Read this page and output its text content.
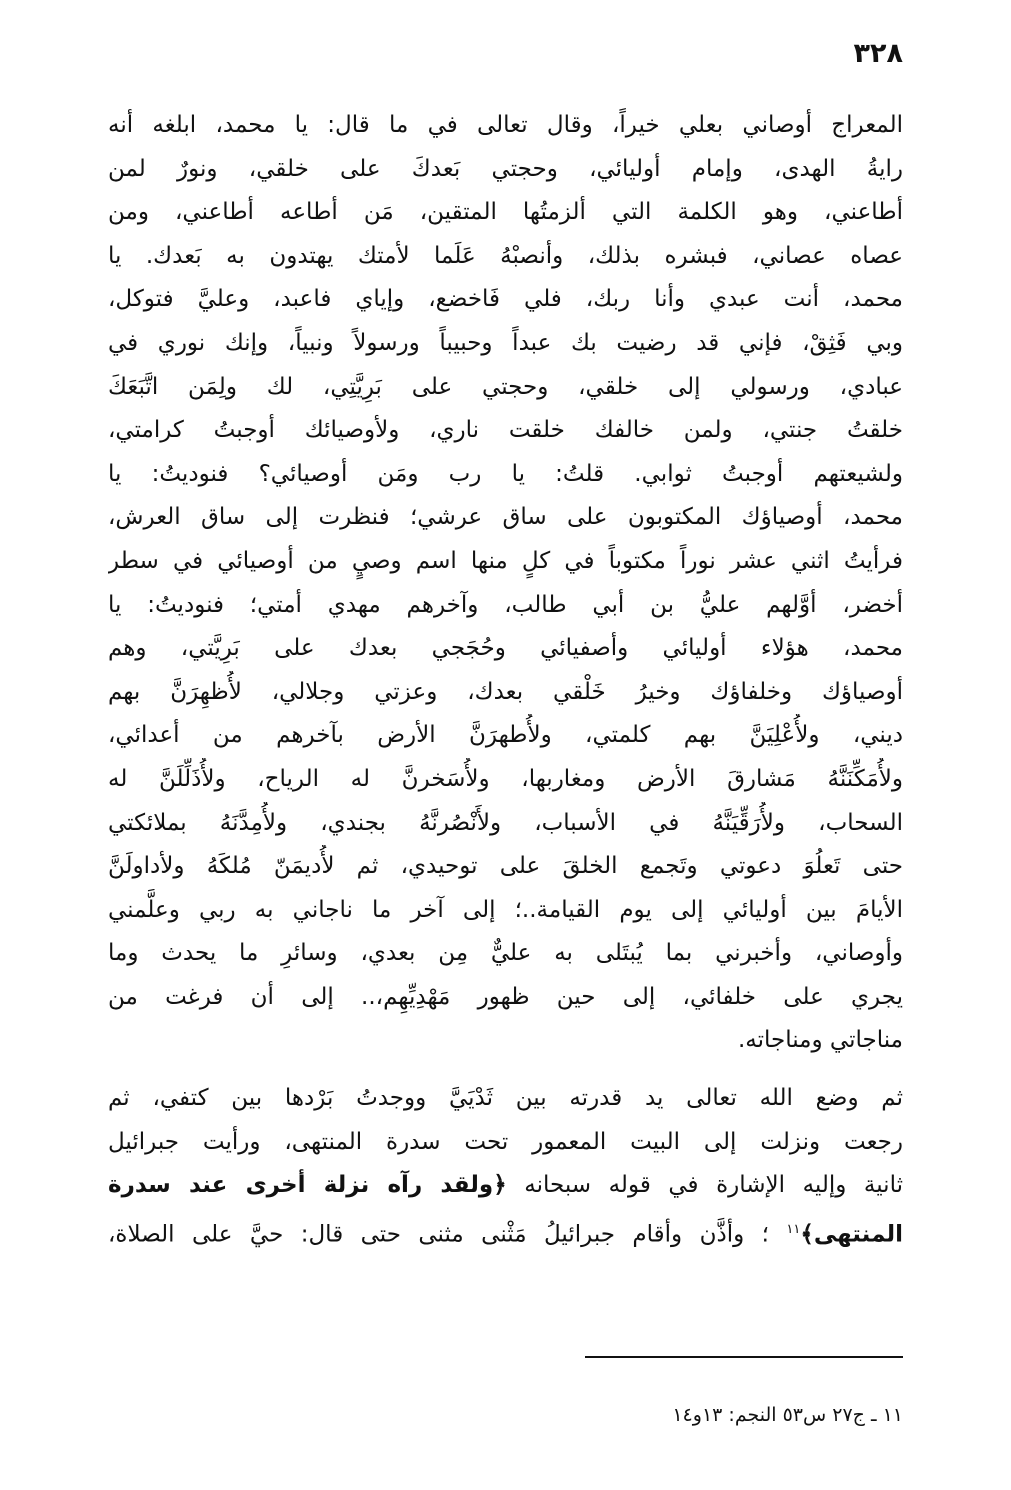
٣٢٨
المعراج أوصاني بعلي خيراً، وقال تعالى في ما قال: يا محمد، ابلغه أنه
رايةُ الهدى، وإمام أوليائي، وحجتي بَعدكَ على خلقي، ونورٌ لمن
أطاعني، وهو الكلمة التي ألزمتُها المتقين، مَن أطاعه أطاعني، ومن
عصاه عصاني، فبشره بذلك، وأنصبْهُ عَلَما لأمتك يهتدون به بَعدك. يا
محمد، أنت عبدي وأنا ربك، فلي فَاخضع، وإياي فاعبد، وعليَّ فتوكل،
وبي فَثِقْ، فإني قد رضيت بك عبداً وحبيباً ورسولاً ونبياً، وإنك نوري في
عبادي، ورسولي إلى خلقي، وحجتي على بَرِيَّتِي، لك ولِمَن اتَّبَعَكَ
خلقتُ جنتي، ولمن خالفك خلقت ناري، ولأوصيائك أوجبتُ كرامتي،
ولشيعتهم أوجبتُ ثوابي. قلتُ: يا رب ومَن أوصيائي؟ فنوديتُ: يا
محمد، أوصياؤك المكتوبون على ساق عرشي؛ فنظرت إلى ساق العرش،
فرأيتُ اثني عشر نوراً مكتوباً في كلٍ منها اسم وصيٍ من أوصيائي في سطر
أخضر، أوَّلهم عليُّ بن أبي طالب، وآخرهم مهدي أمتي؛ فنوديتُ: يا
محمد، هؤلاء أوليائي وأصفيائي وحُجَجي بعدك على بَرِيَّتي، وهم
أوصياؤك وخلفاؤك وخيرُ خَلْقي بعدك، وعزتي وجلالي، لأُظهِرَنَّ بهم
ديني، ولأُعْلِيَنَّ بهم كلمتي، ولأُطهرَنَّ الأرض بآخرهم من أعدائي،
ولأُمَكِّنَنَّهُ مَشارقَ الأرض ومغاربها، ولأُسَخرنَّ له الرياح، ولأُذَلِّلَنَّ له
السحاب، ولأُرَقِّيَنَّهُ في الأسباب، ولأَنْصُرنَّهُ بجندي، ولأُمِدَّنَهُ بملائكتي
حتى تَعلُوَ دعوتي وتَجمع الخلقَ على توحيدي، ثم لأُديمَنّ مُلكَهُ ولأداولَنَّ
الأيامَ بين أوليائي إلى يوم القيامة..؛ إلى آخر ما ناجاني به ربي وعلَّمني
وأوصاني، وأخبرني بما يُبتَلى به عليٌّ مِن بعدي، وسائرِ ما يحدث وما
يجري على خلفائي، إلى حين ظهور مَهْدِيِّهِم،.. إلى أن فرغت من
مناجاتي ومناجاته.
ثم وضع الله تعالى يد قدرته بين ثَدْيَيَّ ووجدتُ بَرْدها بين كتفي، ثم
رجعت ونزلت إلى البيت المعمور تحت سدرة المنتهى، ورأيت جبرائيل
ثانية وإليه الإشارة في قوله سبحانه ﴿ولقد رآه نزلة أخرى عند سدرة
المنتهى﴾$^{١١}$ ؛ وأذَّن وأقام جبرائيلُ مَثْنى مثنى حتى قال: حيَّ على الصلاة،
١١ ـ ج٢٧ س٥٣ النجم: ١٣و١٤
